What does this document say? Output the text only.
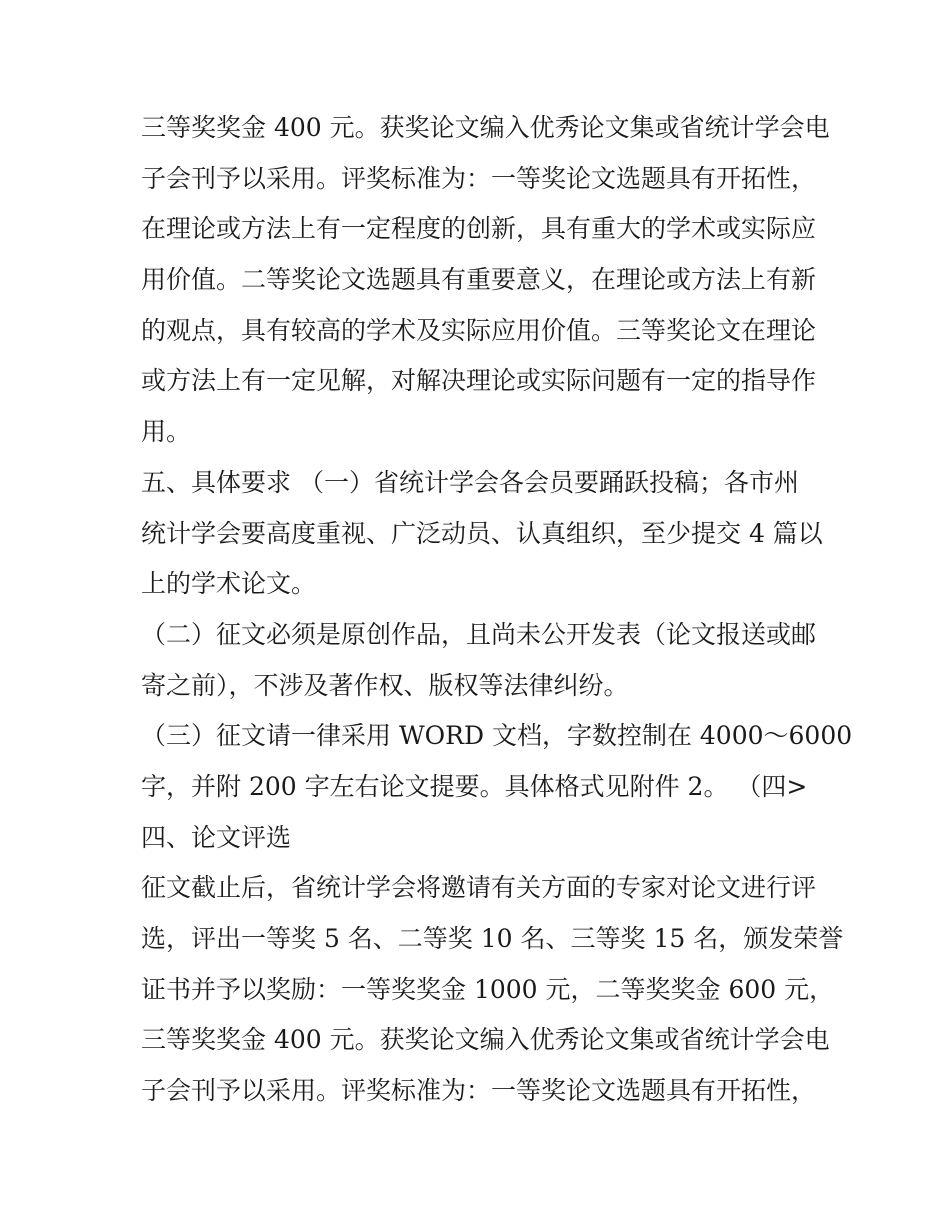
三等奖奖金 400 元。获奖论文编入优秀论文集或省统计学会电
子会刊予以采用。评奖标准为：一等奖论文选题具有开拓性，
在理论或方法上有一定程度的创新，具有重大的学术或实际应
用价值。二等奖论文选题具有重要意义，在理论或方法上有新
的观点，具有较高的学术及实际应用价值。三等奖论文在理论
或方法上有一定见解，对解决理论或实际问题有一定的指导作
用。
五、具体要求 （一）省统计学会各会员要踊跃投稿；各市州
统计学会要高度重视、广泛动员、认真组织，至少提交 4 篇以
上的学术论文。
（二）征文必须是原创作品，且尚未公开发表（论文报送或邮
寄之前），不涉及著作权、版权等法律纠纷。
（三）征文请一律采用 WORD 文档，字数控制在 4000～6000
字，并附 200 字左右论文提要。具体格式见附件 2。 （四>
四、论文评选
征文截止后，省统计学会将邀请有关方面的专家对论文进行评
选，评出一等奖 5 名、二等奖 10 名、三等奖 15 名，颁发荣誉
证书并予以奖励：一等奖奖金 1000 元，二等奖奖金 600 元，
三等奖奖金 400 元。获奖论文编入优秀论文集或省统计学会电
子会刊予以采用。评奖标准为：一等奖论文选题具有开拓性，
